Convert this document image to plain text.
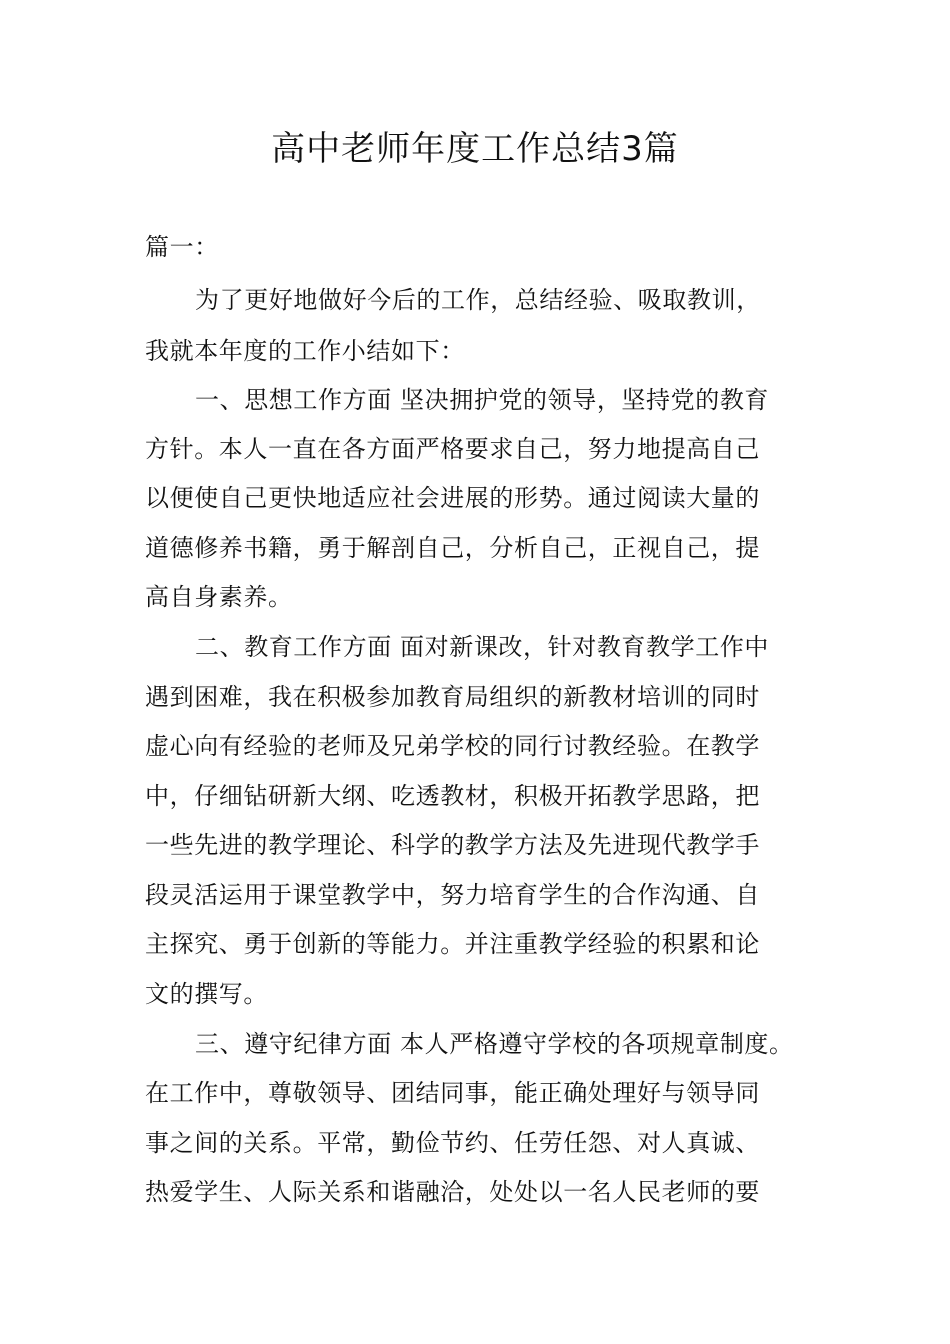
高中老师年度工作总结3篇
篇一：
为了更好地做好今后的工作，总结经验、吸取教训，
我就本年度的工作小结如下：
一、思想工作方面 坚决拥护党的领导，坚持党的教育
方针。本人一直在各方面严格要求自己，努力地提高自己
以便使自己更快地适应社会进展的形势。通过阅读大量的
道德修养书籍，勇于解剖自己，分析自己，正视自己，提
高自身素养。
二、教育工作方面 面对新课改，针对教育教学工作中
遇到困难，我在积极参加教育局组织的新教材培训的同时
虚心向有经验的老师及兄弟学校的同行讨教经验。在教学
中，仔细钻研新大纲、吃透教材，积极开拓教学思路，把
一些先进的教学理论、科学的教学方法及先进现代教学手
段灵活运用于课堂教学中，努力培育学生的合作沟通、自
主探究、勇于创新的等能力。并注重教学经验的积累和论
文的撰写。
三、遵守纪律方面 本人严格遵守学校的各项规章制度。
在工作中，尊敬领导、团结同事，能正确处理好与领导同
事之间的关系。平常，勤俭节约、任劳任怨、对人真诚、
热爱学生、人际关系和谐融洽，处处以一名人民老师的要
